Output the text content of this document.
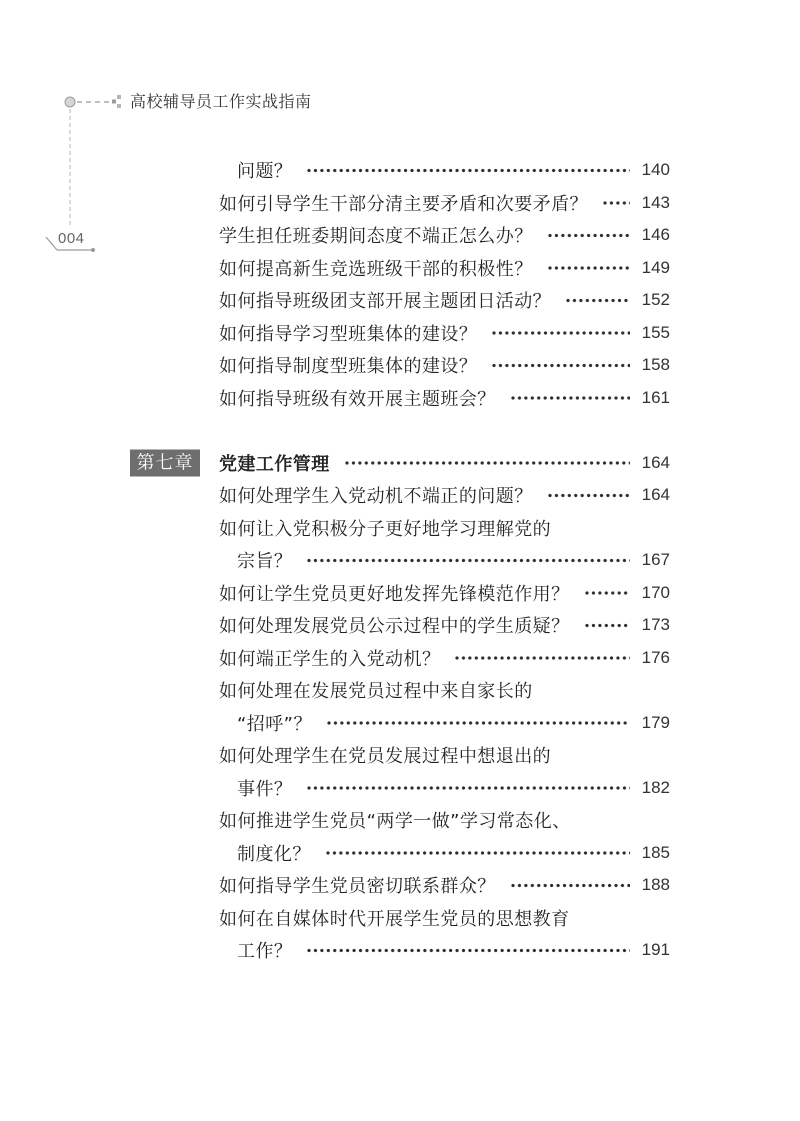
高校辅导员工作实战指南
004
问题？	140
如何引导学生干部分清主要矛盾和次要矛盾？	143
学生担任班委期间态度不端正怎么办？	146
如何提高新生竞选班级干部的积极性？	149
如何指导班级团支部开展主题团日活动？	152
如何指导学习型班集体的建设？	155
如何指导制度型班集体的建设？	158
如何指导班级有效开展主题班会？	161
第七章	党建工作管理	164
如何处理学生入党动机不端正的问题？	164
如何让入党积极分子更好地学习理解党的
宗旨？	167
如何让学生党员更好地发挥先锋模范作用？	170
如何处理发展党员公示过程中的学生质疑？	173
如何端正学生的入党动机？	176
如何处理在发展党员过程中来自家长的
“招呼”？	179
如何处理学生在党员发展过程中想退出的
事件？	182
如何推进学生党员“两学一做”学习常态化、
制度化？	185
如何指导学生党员密切联系群众？	188
如何在自媒体时代开展学生党员的思想教育
工作？	191
